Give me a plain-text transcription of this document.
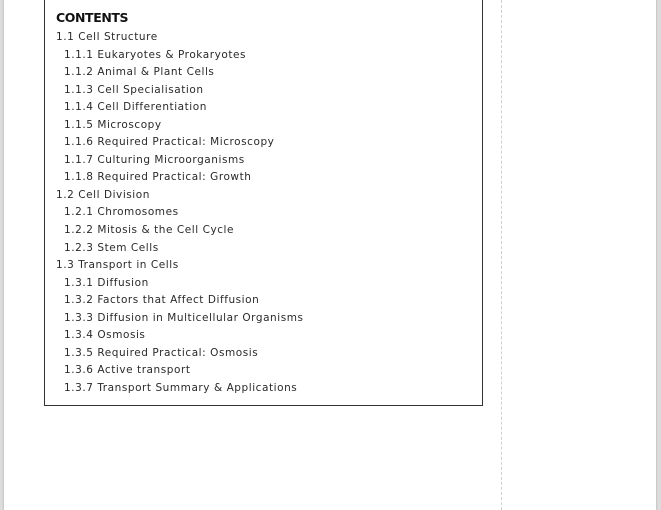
CONTENTS
1.1 Cell Structure
1.1.1 Eukaryotes & Prokaryotes
1.1.2 Animal & Plant Cells
1.1.3 Cell Specialisation
1.1.4 Cell Differentiation
1.1.5 Microscopy
1.1.6 Required Practical: Microscopy
1.1.7 Culturing Microorganisms
1.1.8 Required Practical: Growth
1.2 Cell Division
1.2.1 Chromosomes
1.2.2 Mitosis & the Cell Cycle
1.2.3 Stem Cells
1.3 Transport in Cells
1.3.1 Diffusion
1.3.2 Factors that Affect Diffusion
1.3.3 Diffusion in Multicellular Organisms
1.3.4 Osmosis
1.3.5 Required Practical: Osmosis
1.3.6 Active transport
1.3.7 Transport Summary & Applications
